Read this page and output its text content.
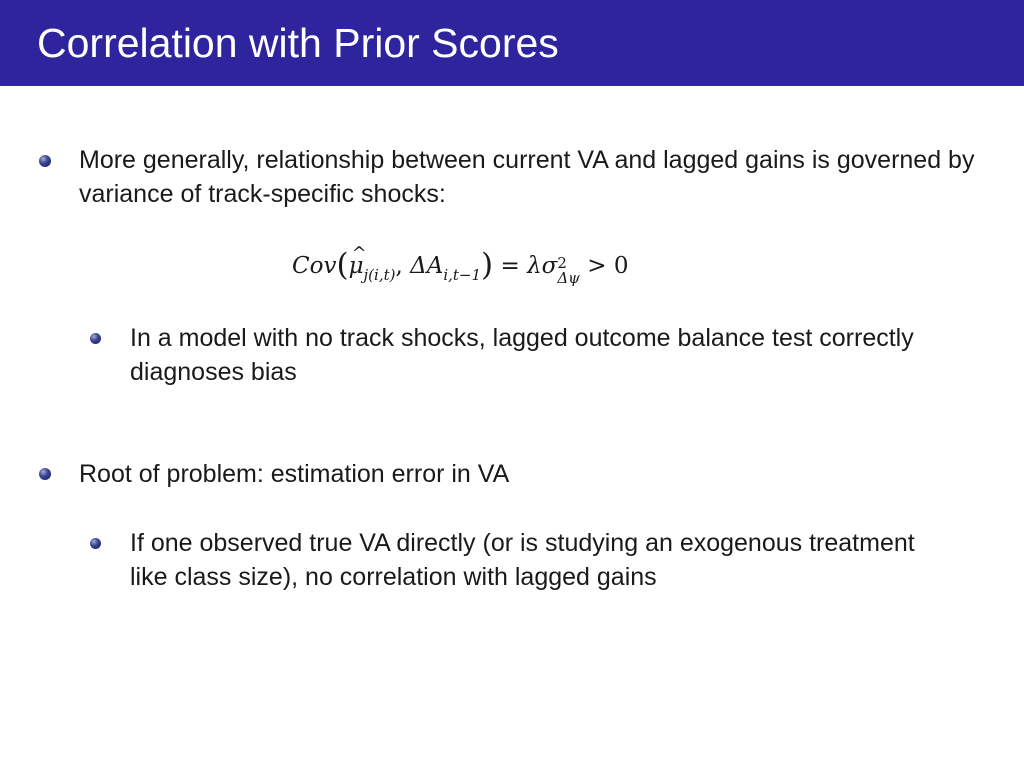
Correlation with Prior Scores
More generally, relationship between current VA and lagged gains is governed by variance of track-specific shocks:
Cov(μ $\^{}_{j(i,t)}$, $\Delta A_{i,t-1}) = \lambda\sigma$ 2
Δψ > 0
In a model with no track shocks, lagged outcome balance test correctly diagnoses bias
Root of problem: estimation error in VA
If one observed true VA directly (or is studying an exogenous treatment like class size), no correlation with lagged gains
